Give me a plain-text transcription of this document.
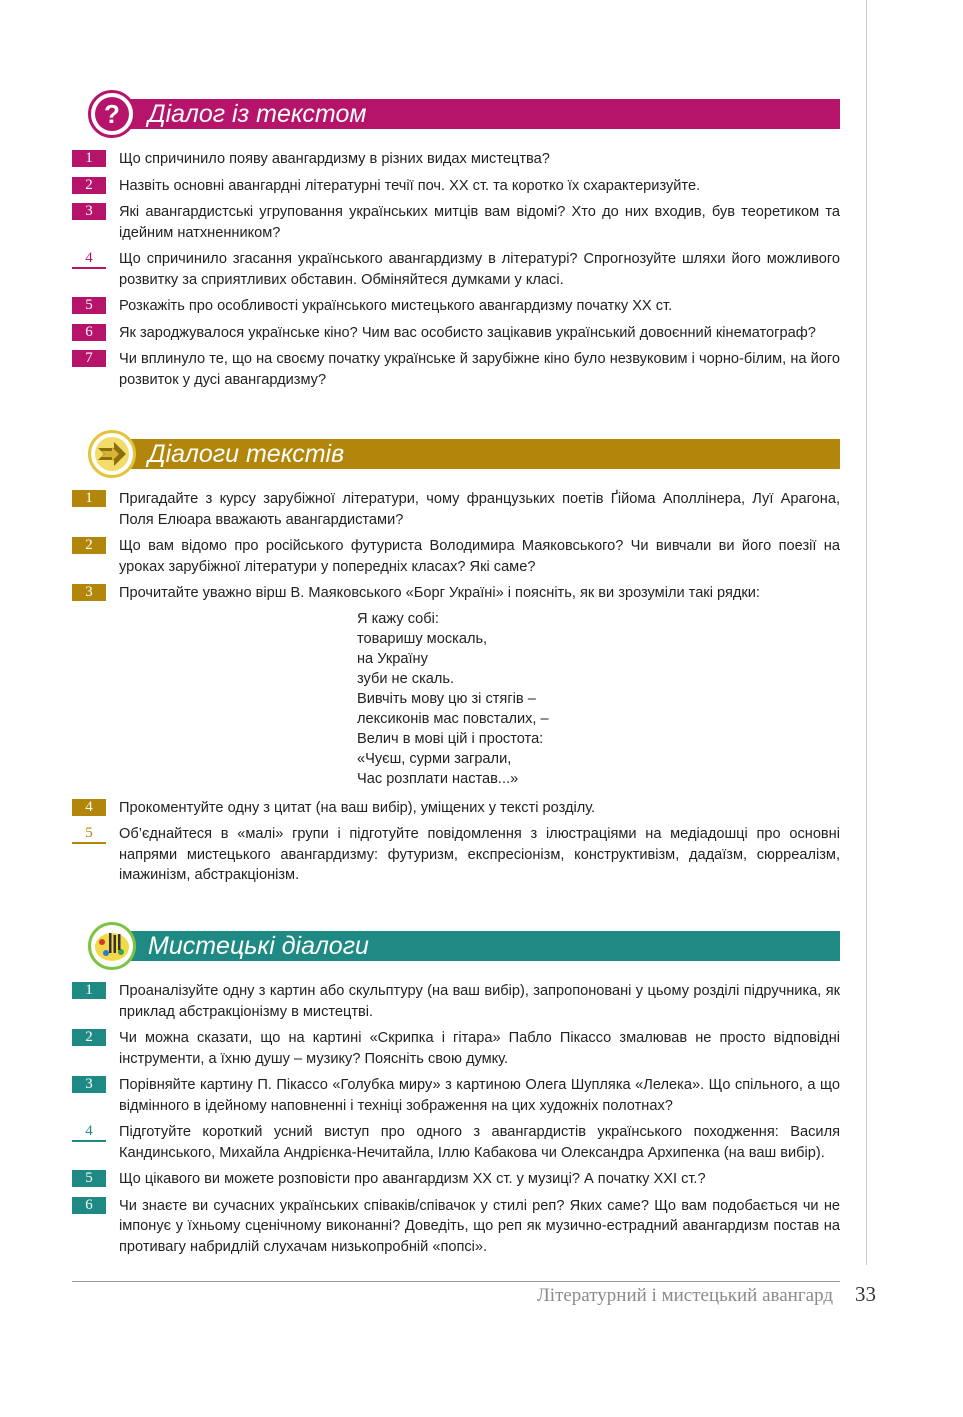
? Діалог із текстом
1	Що спричинило появу авангардизму в різних видах мистецтва?
2	Назвіть основні авангардні літературні течії поч. ХХ ст. та коротко їх схарактеризуйте.
3	Які авангардистські угруповання українських митців вам відомі? Хто до них входив, був теоретиком та ідейним натхненником?
4	Що спричинило згасання українського авангардизму в літературі? Спрогнозуйте шляхи його можливого розвитку за сприятливих обставин. Обміняйтеся думками у класі.
5	Розкажіть про особливості українського мистецького авангардизму початку ХХ ст.
6	Як зароджувалося українське кіно? Чим вас особисто зацікавив український довоєнний кінематограф?
7	Чи вплинуло те, що на своєму початку українське й зарубіжне кіно було незвуковим і чорно-білим, на його розвиток у дусі авангардизму?
Діалоги текстів
1	Пригадайте з курсу зарубіжної літератури, чому французьких поетів Ґійома Аполлінера, Луї Арагона, Поля Елюара вважають авангардистами?
2	Що вам відомо про російського футуриста Володимира Маяковського? Чи вивчали ви його поезії на уроках зарубіжної літератури у попередніх класах? Які саме?
3	Прочитайте уважно вірш В. Маяковського «Борг Україні» і поясніть, як ви зрозуміли такі рядки:
Я кажу собі:
товаришу москаль,
на Україну
зуби не скаль.
Вивчіть мову цю зі стягів –
лексиконів мас повсталих, –
Велич в мові цій і простота:
«Чуєш, сурми заграли,
Час розплати настав...»
4	Прокоментуйте одну з цитат (на ваш вибір), уміщених у тексті розділу.
5	Об’єднайтеся в «малі» групи і підготуйте повідомлення з ілюстраціями на медіадошці про основні напрями мистецького авангардизму: футуризм, експресіонізм, конструктивізм, дадаїзм, сюрреалізм, імажинізм, абстракціонізм.
Мистецькі діалоги
1	Проаналізуйте одну з картин або скульптуру (на ваш вибір), запропоновані у цьому розділі підручника, як приклад абстракціонізму в мистецтві.
2	Чи можна сказати, що на картині «Скрипка і гітара» Пабло Пікассо змалював не просто відповідні інструменти, а їхню душу – музику? Поясніть свою думку.
3	Порівняйте картину П. Пікассо «Голубка миру» з картиною Олега Шупляка «Лелека». Що спільного, а що відмінного в ідейному наповненні і техніці зображення на цих художніх полотнах?
4	Підготуйте короткий усний виступ про одного з авангардистів українського походження: Василя Кандинського, Михайла Андрієнка-Нечитайла, Іллю Кабакова чи Олександра Архипенка (на ваш вибір).
5	Що цікавого ви можете розповісти про авангардизм ХХ ст. у музиці? А початку ХХІ ст.?
6	Чи знаєте ви сучасних українських співаків/співачок у стилі реп? Яких саме? Що вам подобається чи не імпонує у їхньому сценічному виконанні? Доведіть, що реп як музично-естрадний авангардизм постав на противагу набридлій слухачам низькопробній «попсі».
Літературний і мистецький авангард 33
